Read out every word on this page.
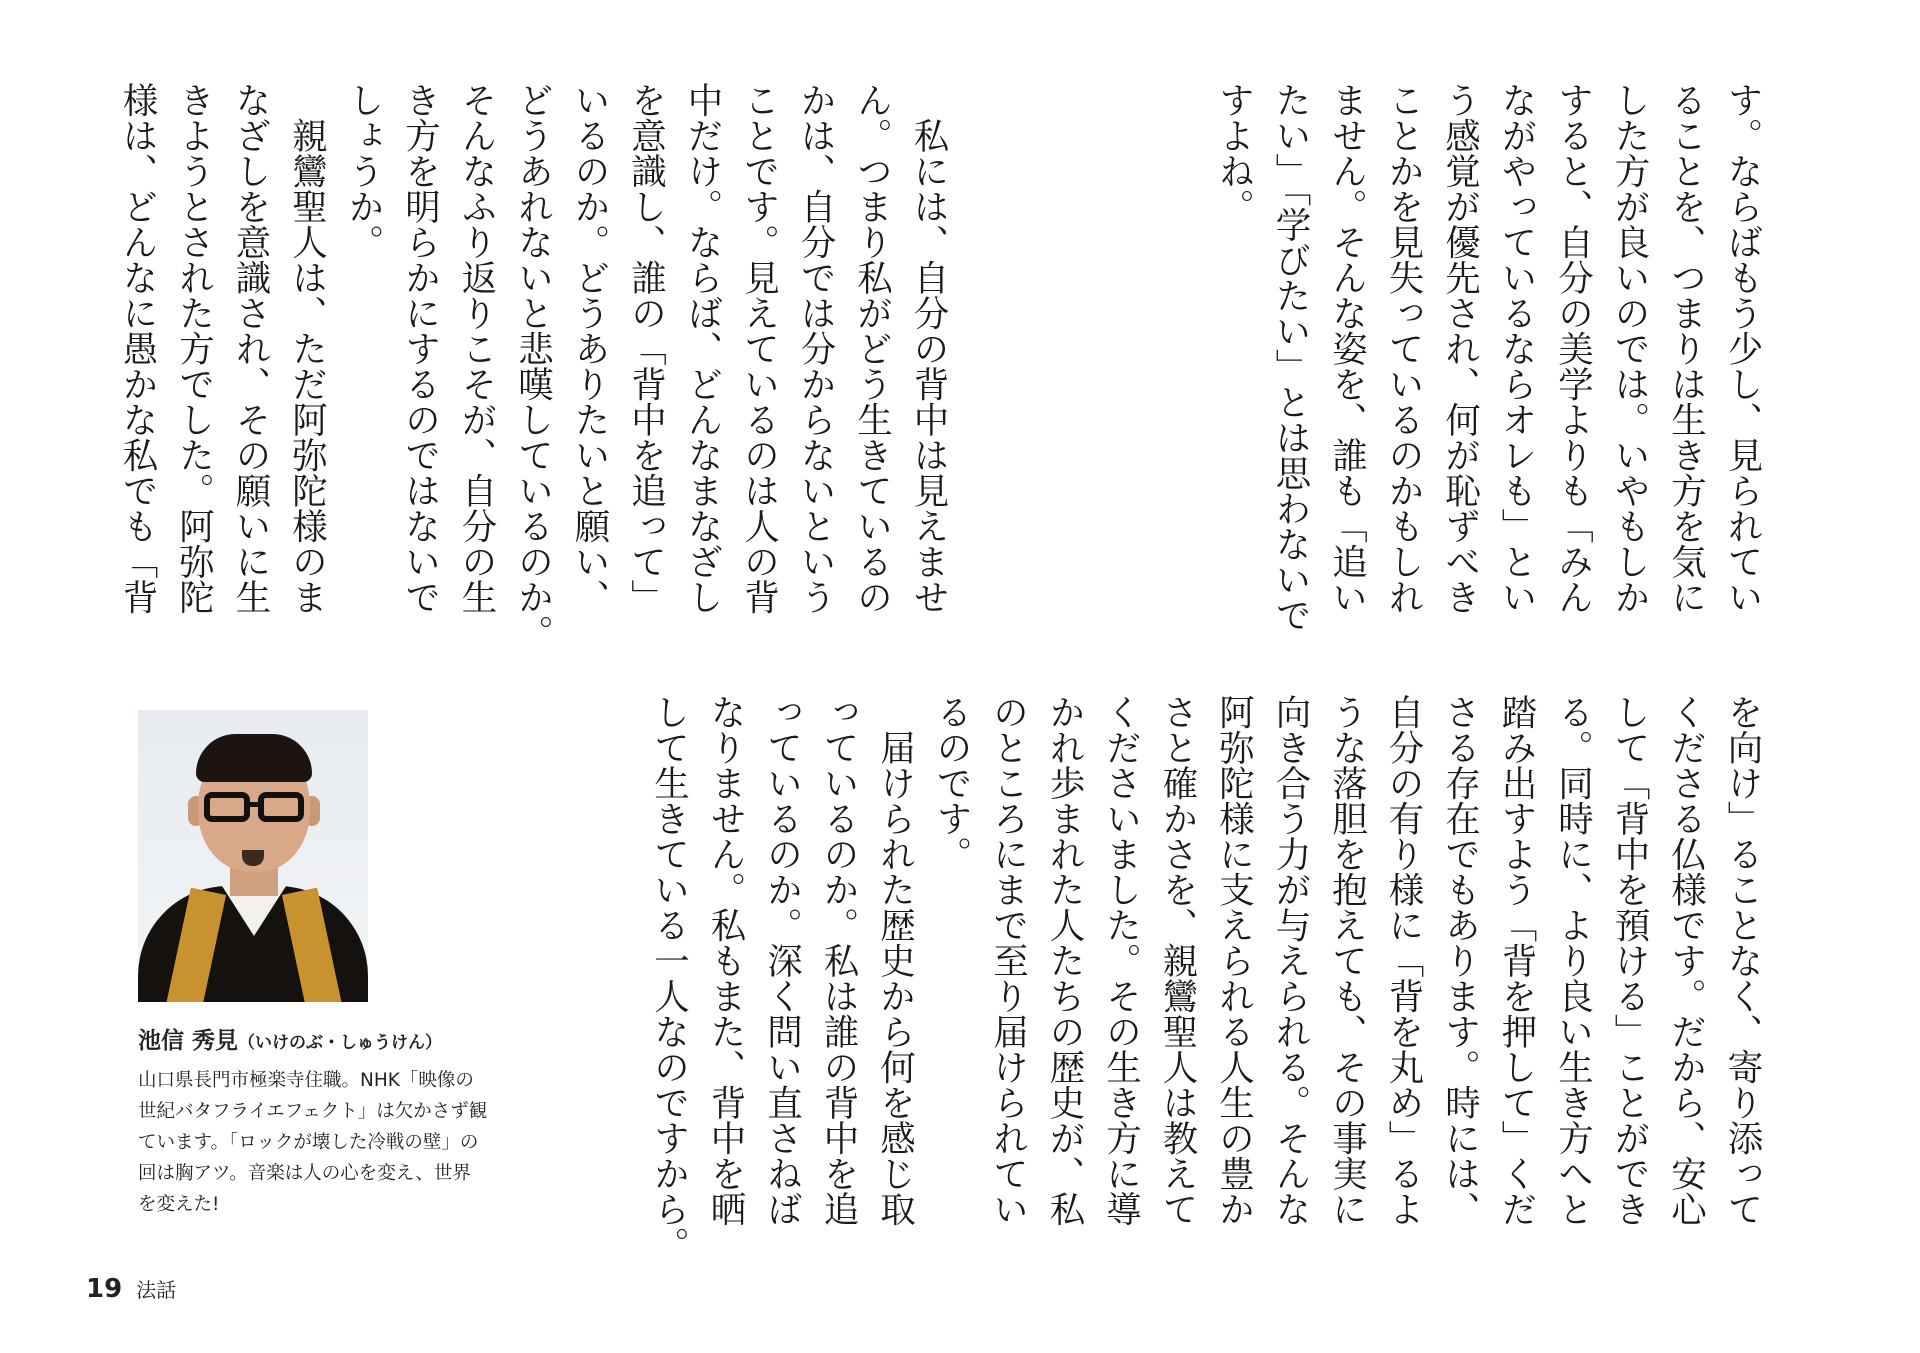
す。ならばもう少し、見られてい

ることを、つまりは生き方を気に

した方が良いのでは。いやもしか

すると、自分の美学よりも「みん

ながやっているならオレも」とい

う感覚が優先され、何が恥ずべき

ことかを見失っているのかもしれ

ません。そんな姿を、誰も「追い

たい」「学びたい」とは思わないで

すよね。

　私には、自分の背中は見えませ

ん。つまり私がどう生きているの

かは、自分では分からないという

ことです。見えているのは人の背

中だけ。ならば、どんなまなざし

を意識し、誰の「背中を追って」

いるのか。どうありたいと願い、

どうあれないと悲嘆しているのか。

そんなふり返りこそが、自分の生

き方を明らかにするのではないで

しょうか。

　親鸞聖人は、ただ阿弥陀様のま

なざしを意識され、その願いに生

きようとされた方でした。阿弥陀

様は、どんなに愚かな私でも「背

を向け」ることなく、寄り添って

くださる仏様です。だから、安心

して「背中を預ける」ことができ

る。同時に、より良い生き方へと

踏み出すよう「背を押して」くだ

さる存在でもあります。時には、

自分の有り様に「背を丸め」るよ

うな落胆を抱えても、その事実に

向き合う力が与えられる。そんな

阿弥陀様に支えられる人生の豊か

さと確かさを、親鸞聖人は教えて

くださいました。その生き方に導

かれ歩まれた人たちの歴史が、私

のところにまで至り届けられてい

るのです。

　届けられた歴史から何を感じ取

っているのか。私は誰の背中を追

っているのか。深く問い直さねば

なりません。私もまた、背中を晒

して生きている一人なのですから。

池信 秀見（いけのぶ・しゅうけん）

山口県長門市極楽寺住職。NHK「映像の世紀バタフライエフェクト」は欠かさず観ています。「ロックが壊した冷戦の壁」の回は胸アツ。音楽は人の心を変え、世界を変えた!

19 法話
